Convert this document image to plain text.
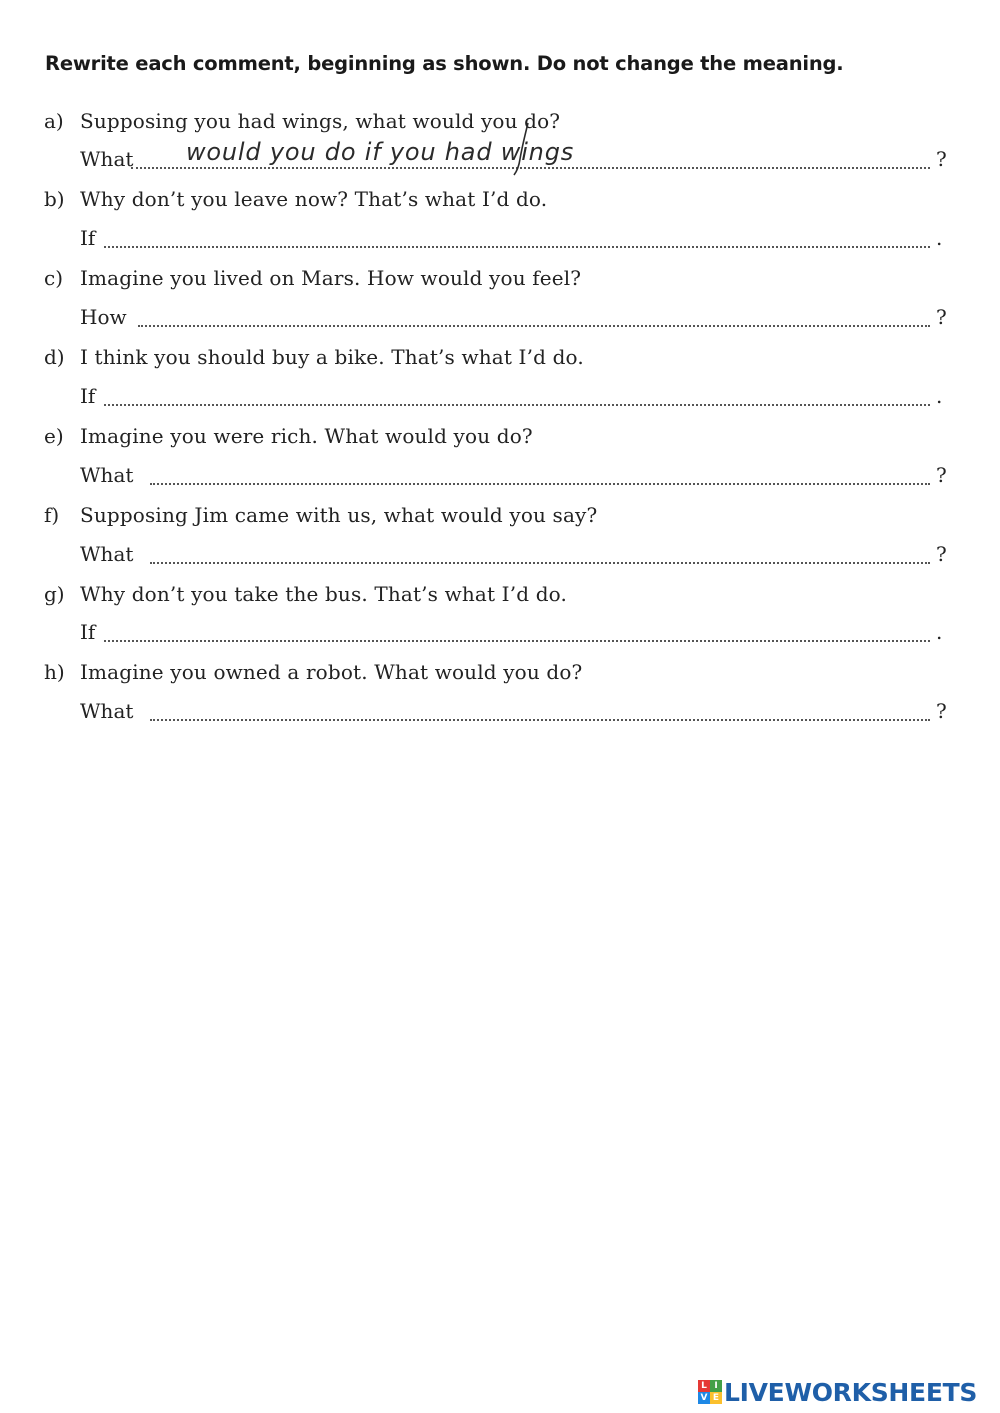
Rewrite each comment, beginning as shown. Do not change the meaning.
a) Supposing you had wings, what would you do?
What would you do if you had wings	?
b) Why don’t you leave now? That’s what I’d do.
If	.
c) Imagine you lived on Mars. How would you feel?
How	?
d) I think you should buy a bike. That’s what I’d do.
If	.
e) Imagine you were rich. What would you do?
What	?
f) Supposing Jim came with us, what would you say?
What	?
g) Why don’t you take the bus. That’s what I’d do.
If	.
h) Imagine you owned a robot. What would you do?
What	?
L I
V E LIVEWORKSHEETS
